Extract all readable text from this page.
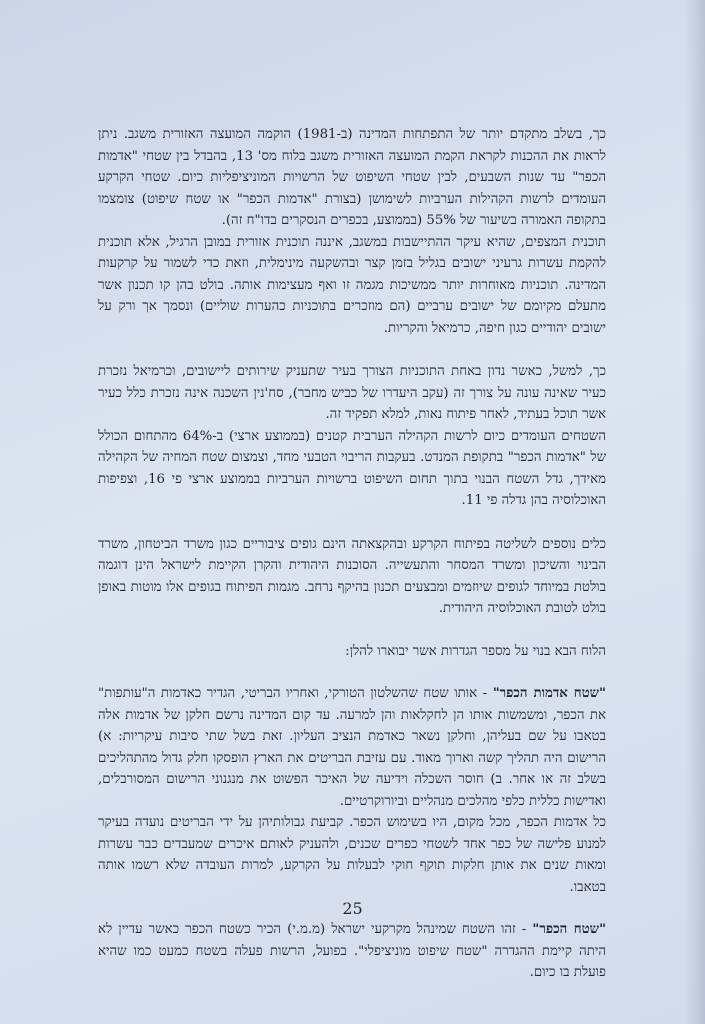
כך, בשלב מתקדם יותר של התפתחות המדינה (ב-1981) הוקמה המועצה האזורית משגב. ניתן לראות את ההכנות לקראת הקמת המועצה האזורית משגב בלוח מס' 13, בהבדל בין שטחי "אדמות הכפר" עד שנות השבעים, לבין שטחי השיפוט של הרשויות המוניציפליות כיום. שטחי הקרקע העומדים לרשות הקהילות הערביות לשימושן (בצורת "אדמות הכפר" או שטח שיפוט) צומצמו בתקופה האמורה בשיעור של 55% (בממוצע, בכפרים הנסקרים בדו"ח זה).

תוכנית המצפים, שהיא עיקר ההתיישבות במשגב, איננה תוכנית אזורית במובן הרגיל, אלא תוכנית להקמת עשרות גרעיני ישובים בגליל בזמן קצר ובהשקעה מינימלית, וזאת כדי לשמור על קרקעות המדינה. תוכניות מאוחרות יותר ממשיכות מגמה זו ואף מעצימות אותה. בולט בהן קו תכנון אשר מתעלם מקיומם של ישובים ערביים (הם מוזכרים בתוכניות כהערות שוליים) ונסמך אך ורק על ישובים יהודיים כגון חיפה, כרמיאל והקריות.

כך, למשל, כאשר נדון באחת התוכניות הצורך בעיר שתעניק שירותים ליישובים, וכרמיאל נזכרת כעיר שאינה עונה על צורך זה (עקב היעדרו של כביש מחבר), סח'נין השכנה אינה נזכרת כלל כעיר אשר תוכל בעתיד, לאחר פיתוח נאות, למלא תפקיד זה.

השטחים העומדים כיום לרשות הקהילה הערבית קטנים (בממוצע ארצי) ב-64% מהתחום הכולל של "אדמות הכפר" בתקופת המנדט. בעקבות הריבוי הטבעי מחד, וצמצום שטח המחיה של הקהילה מאידך, גדל השטח הבנוי בתוך תחום השיפוט ברשויות הערביות בממוצע ארצי פי 16, וצפיפות האוכלוסיה בהן גדלה פי 11.

כלים נוספים לשליטה בפיתוח הקרקע ובהקצאתה הינם גופים ציבוריים כגון משרד הביטחון, משרד הבינוי והשיכון ומשרד המסחר והתעשייה. הסוכנות היהודית והקרן הקיימת לישראל הינן דוגמה בולטת במיוחד לגופים שיוזמים ומבצעים תכנון בהיקף נרחב. מגמות הפיתוח בגופים אלו מוטות באופן בולט לטובת האוכלוסיה היהודית.

הלוח הבא בנוי על מספר הגדרות אשר יבוארו להלן:

"שטח אדמות הכפר" - אותו שטח שהשלטון הטורקי, ואחריו הבריטי, הגדיר כאדמות ה"עותפות" את הכפר, ומשמשות אותו הן לחקלאות והן למרעה. עד קום המדינה נרשם חלקן של אדמות אלה בטאבו על שם בעליהן, וחלקן נשאר כאדמת הנציב העליון. זאת בשל שתי סיבות עיקריות: א) הרישום היה תהליך קשה וארוך מאוד. עם עזיבת הבריטים את הארץ הופסקו חלק גדול מהתהליכים בשלב זה או אחר. ב) חוסר השכלה וידיעה של האיכר הפשוט את מנגנוני הרישום המסורבלים, ואדישות כללית כלפי מהלכים מנהליים וביורוקרטיים.

כל אדמות הכפר, מכל מקום, היו בשימוש הכפר. קביעת גבולותיהן על ידי הבריטים נועדה בעיקר למנוע פלישה של כפר אחד לשטחי כפרים שכנים, ולהעניק לאותם איכרים שמעבדים כבר עשרות ומאות שנים את אותן חלקות תוקף חוקי לבעלות על הקרקע, למרות העובדה שלא רשמו אותה בטאבו.

"שטח הכפר" - זהו השטח שמינהל מקרקעי ישראל (מ.מ.י) הכיר כשטח הכפר כאשר עדיין לא היתה קיימת ההגדרה "שטח שיפוט מוניציפלי". בפועל, הרשות פעלה בשטח כמעט כמו שהיא פועלת בו כיום.

25
